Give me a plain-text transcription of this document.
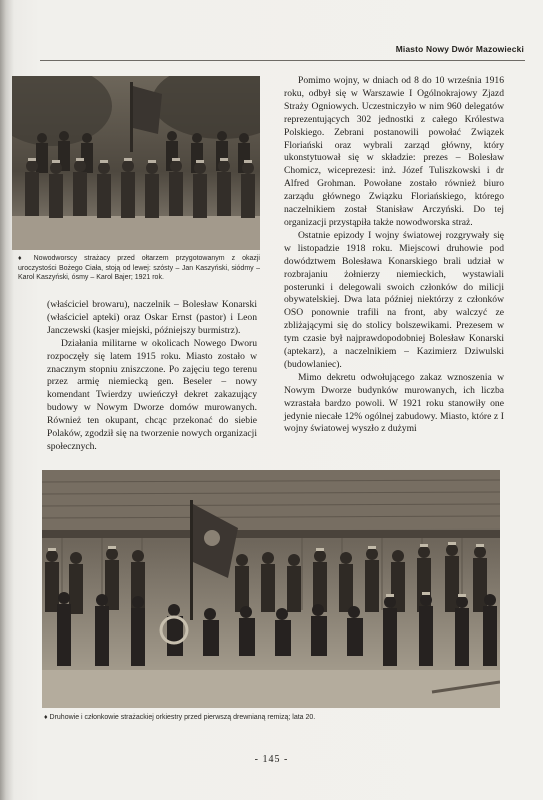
Miasto Nowy Dwór Mazowiecki
♦ Nowodworscy strażacy przed ołtarzem przygotowanym z okazji uroczystości Bożego Ciała, stoją od lewej: szósty – Jan Kaszyński, siódmy – Karol Kaszyński, ósmy – Karol Bajer; 1921 rok.

(właściciel browaru), naczelnik – Bolesław Konarski (właściciel apteki) oraz Oskar Ernst (pastor) i Leon Janczewski (kasjer miejski, późniejszy burmistrz).

Działania militarne w okolicach Nowego Dworu rozpoczęły się latem 1915 roku. Miasto zostało w znacznym stopniu zniszczone. Po zajęciu tego terenu przez armię niemiecką gen. Beseler – nowy komendant Twierdzy uwieńczył dekret zakazujący budowy w Nowym Dworze domów murowanych. Również ten okupant, chcąc przekonać do siebie Polaków, zgodził się na tworzenie nowych organizacji społecznych.

Pomimo wojny, w dniach od 8 do 10 września 1916 roku, odbył się w Warszawie I Ogólnokrajowy Zjazd Straży Ogniowych. Uczestniczyło w nim 960 delegatów reprezentujących 302 jednostki z całego Królestwa Polskiego. Zebrani postanowili powołać Związek Floriański oraz wybrali zarząd główny, który ukonstytuował się w składzie: prezes – Bolesław Chomicz, wiceprezesi: inż. Józef Tuliszkowski i dr Alfred Grohman. Powołane zostało również biuro zarządu głównego Związku Floriańskiego, którego naczelnikiem został Stanisław Arczyński. Do tej organizacji przystąpiła także nowodworska straż.

Ostatnie epizody I wojny światowej rozgrywały się w listopadzie 1918 roku. Miejscowi druhowie pod dowództwem Bolesława Konarskiego brali udział w rozbrajaniu żołnierzy niemieckich, wystawiali posterunki i delegowali swoich członków do milicji obywatelskiej. Dwa lata później niektórzy z członków OSO ponownie trafili na front, aby walczyć ze zbliżającymi się do stolicy bolszewikami. Prezesem w tym czasie był najprawdopodobniej Bolesław Konarski (aptekarz), a naczelnikiem – Kazimierz Dziwulski (budowlaniec).

Mimo dekretu odwołującego zakaz wznoszenia w Nowym Dworze budynków murowanych, ich liczba wzrastała bardzo powoli. W 1921 roku stanowiły one jedynie niecałe 12% ogólnej zabudowy. Miasto, które z I wojny światowej wyszło z dużymi

♦ Druhowie i członkowie strażackiej orkiestry przed pierwszą drewnianą remizą; lata 20.
- 145 -
